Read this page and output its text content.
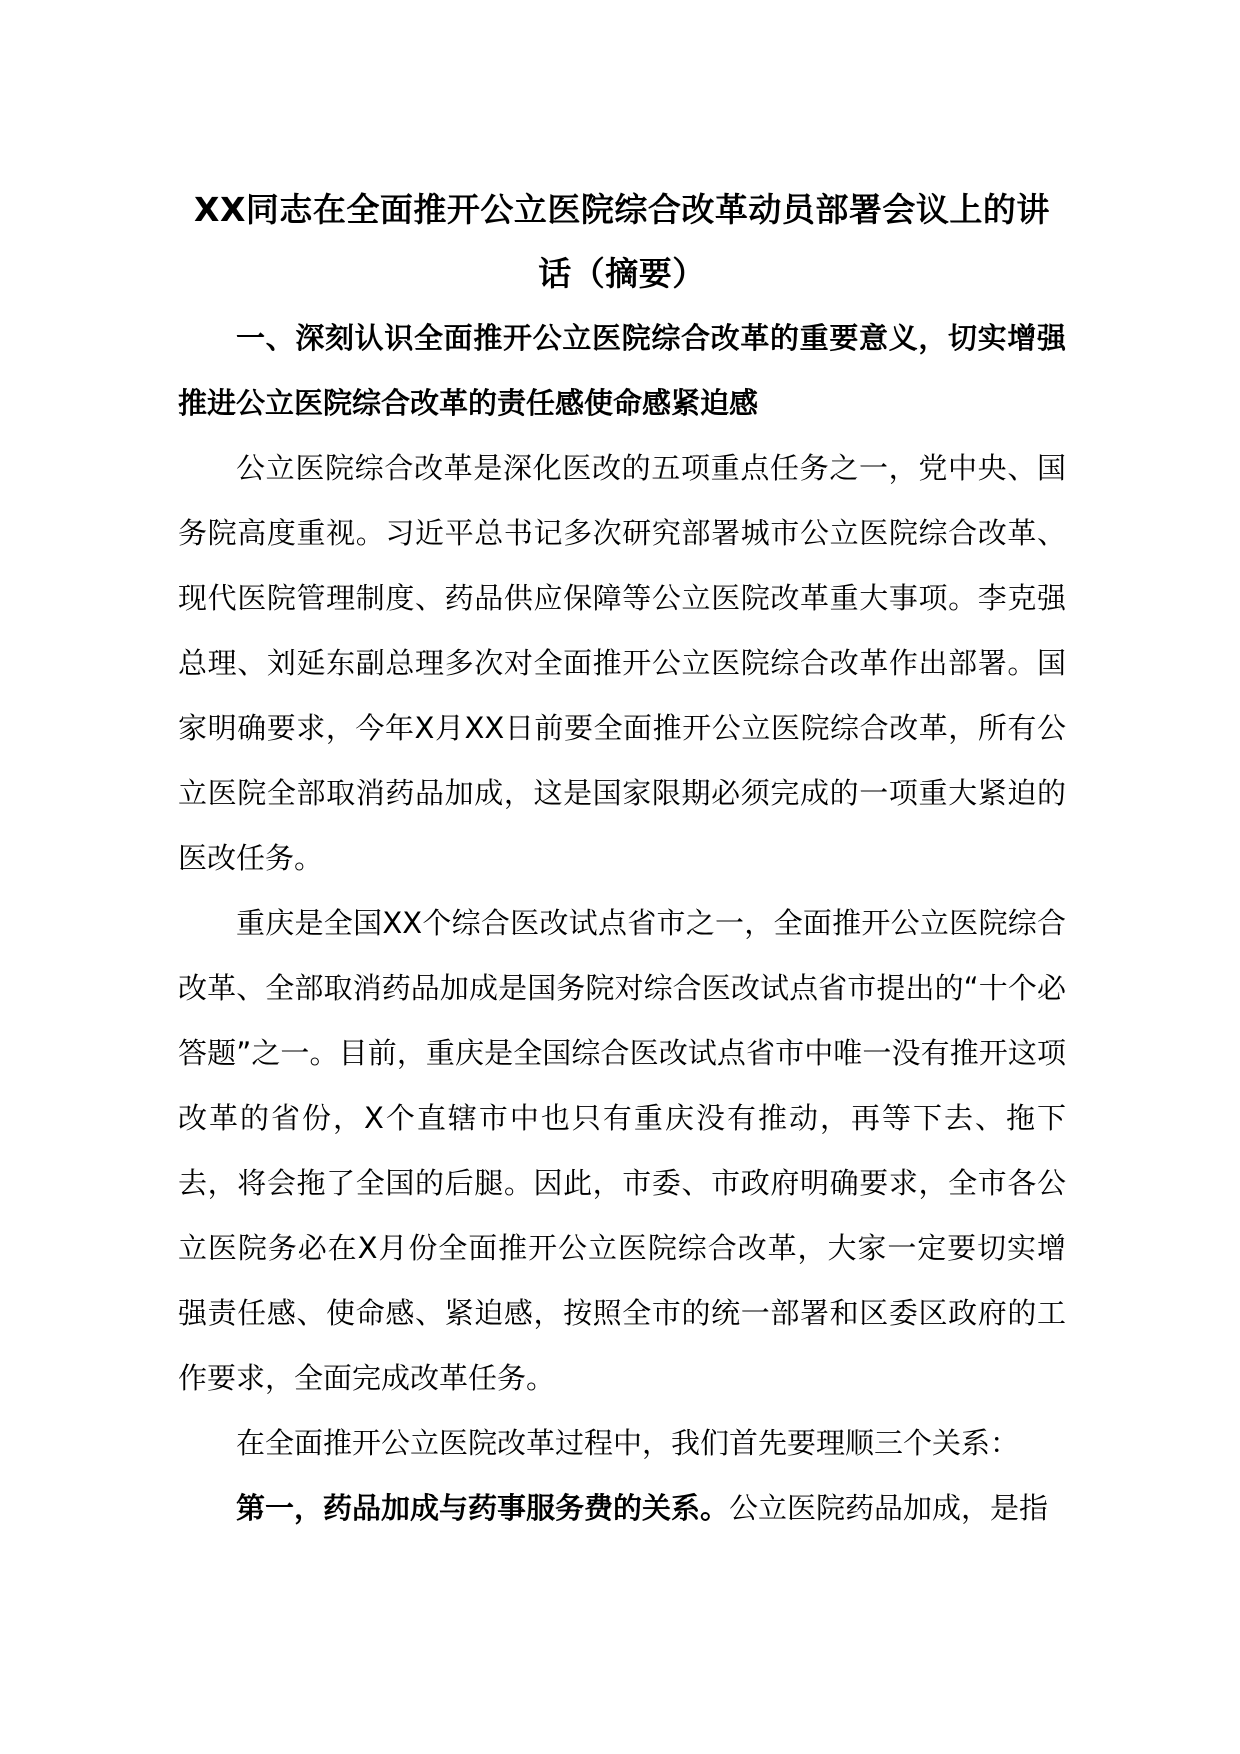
XX同志在全面推开公立医院综合改革动员部署会议上的讲话（摘要）

一、深刻认识全面推开公立医院综合改革的重要意义，切实增强推进公立医院综合改革的责任感使命感紧迫感

公立医院综合改革是深化医改的五项重点任务之一，党中央、国务院高度重视。习近平总书记多次研究部署城市公立医院综合改革、现代医院管理制度、药品供应保障等公立医院改革重大事项。李克强总理、刘延东副总理多次对全面推开公立医院综合改革作出部署。国家明确要求，今年X月XX日前要全面推开公立医院综合改革，所有公立医院全部取消药品加成，这是国家限期必须完成的一项重大紧迫的医改任务。

重庆是全国XX个综合医改试点省市之一，全面推开公立医院综合改革、全部取消药品加成是国务院对综合医改试点省市提出的“十个必答题”之一。目前，重庆是全国综合医改试点省市中唯一没有推开这项改革的省份，X个直辖市中也只有重庆没有推动，再等下去、拖下去，将会拖了全国的后腿。因此，市委、市政府明确要求，全市各公立医院务必在X月份全面推开公立医院综合改革，大家一定要切实增强责任感、使命感、紧迫感，按照全市的统一部署和区委区政府的工作要求，全面完成改革任务。

在全面推开公立医院改革过程中，我们首先要理顺三个关系：

第一，药品加成与药事服务费的关系。公立医院药品加成，是指
